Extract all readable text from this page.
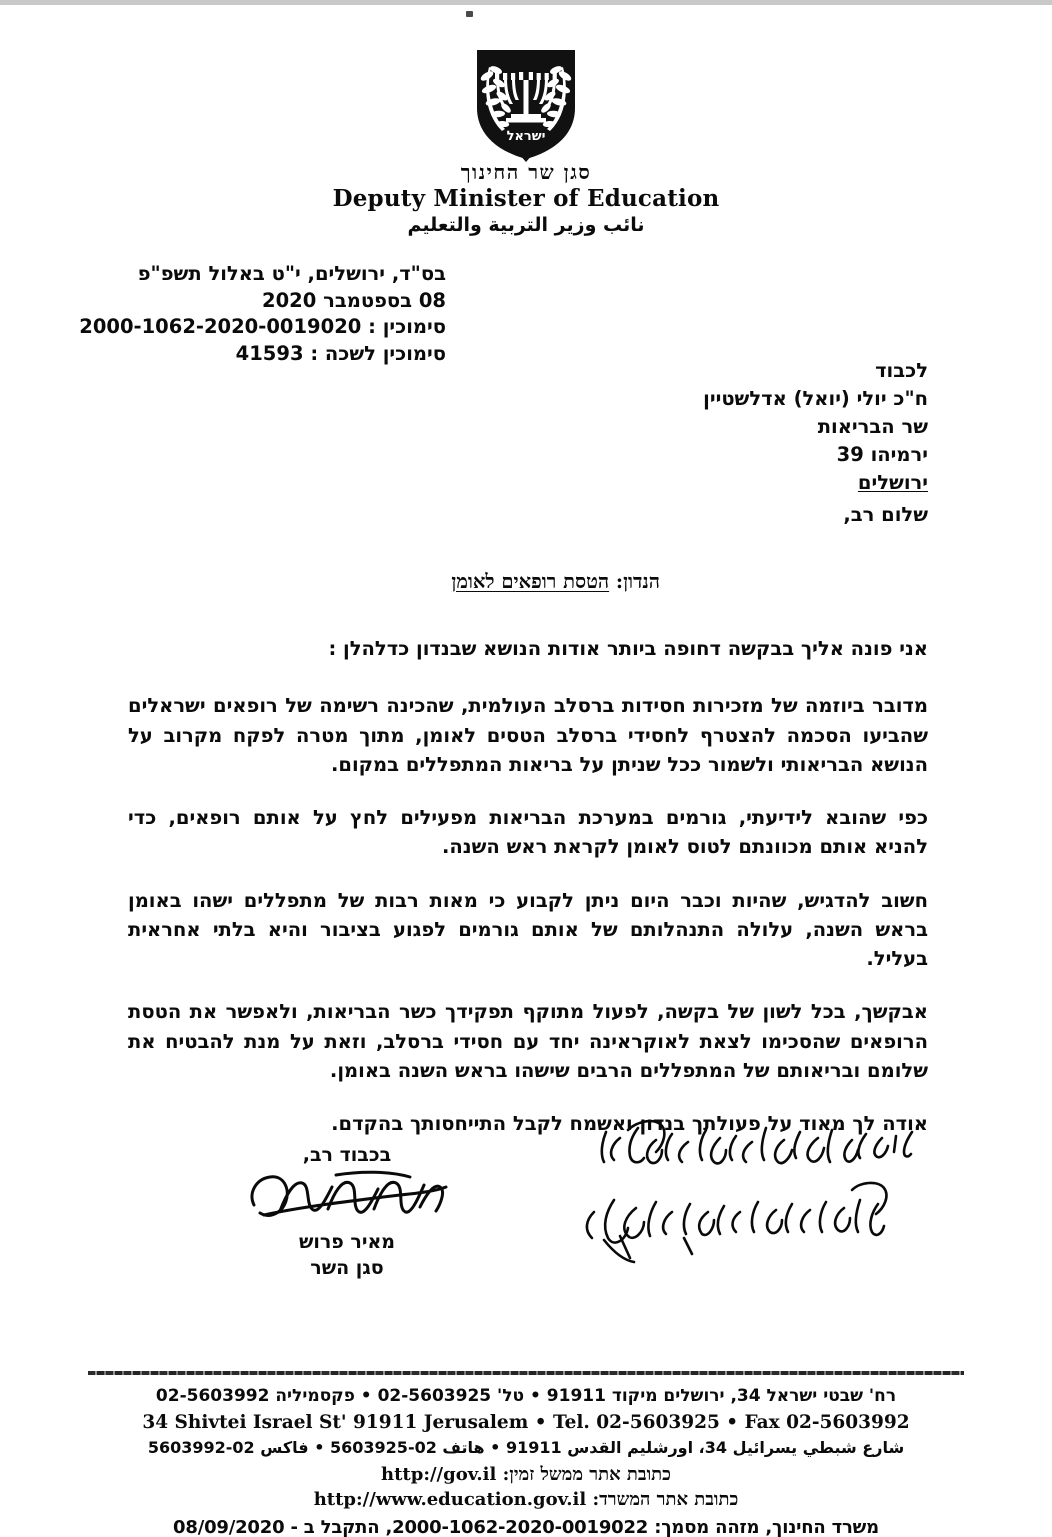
ישראל
סגן שר החינוך
Deputy Minister of Education
نائب وزير التربية والتعليم
בס"ד, ירושלים, י"ט באלול תשפ"פ
08 בספטמבר 2020
סימוכין : 2000-1062-2020-0019020
סימוכין לשכה : 41593
לכבוד
ח"כ יולי (יואל) אדלשטיין
שר הבריאות
ירמיהו 39
ירושלים
שלום רב,
הנדון: הטסת רופאים לאומן

אני פונה אליך בבקשה דחופה ביותר אודות הנושא שבנדון כדלהלן :

מדובר ביוזמה של מזכירות חסידות ברסלב העולמית, שהכינה רשימה של רופאים ישראלים שהביעו הסכמה להצטרף לחסידי ברסלב הטסים לאומן, מתוך מטרה לפקח מקרוב על הנושא הבריאותי ולשמור ככל שניתן על בריאות המתפללים במקום.

כפי שהובא לידיעתי, גורמים במערכת הבריאות מפעילים לחץ על אותם רופאים, כדי להניא אותם מכוונתם לטוס לאומן לקראת ראש השנה.

חשוב להדגיש, שהיות וכבר היום ניתן לקבוע כי מאות רבות של מתפללים ישהו באומן בראש השנה, עלולה התנהלותם של אותם גורמים לפגוע בציבור והיא בלתי אחראית בעליל.

אבקשך, בכל לשון של בקשה, לפעול מתוקף תפקידך כשר הבריאות, ולאפשר את הטסת הרופאים שהסכימו לצאת לאוקראינה יחד עם חסידי ברסלב, וזאת על מנת להבטיח את שלומם ובריאותם של המתפללים הרבים שישהו בראש השנה באומן.

אודה לך מאוד על פעולתך בנדון ואשמח לקבל התייחסותך בהקדם.

בכבוד רב,
מאיר פרוש
סגן השר
רח' שבטי ישראל 34, ירושלים מיקוד 91911 • טל' 02-5603925 • פקסמיליה 02-5603992
34 Shivtei Israel St' 91911 Jerusalem • Tel. 02-5603925 • Fax 02-5603992
شارع شبطي يسرائيل 34، اورشليم القدس 91911 • هاتف 02-5603925 • فاكس 02-5603992
כתובת אתר ממשל זמין: http://gov.il
כתובת אתר המשרד: http://www.education.gov.il
משרד החינוך, מזהה מסמך: 2000-1062-2020-0019022, התקבל ב - 08/09/2020
